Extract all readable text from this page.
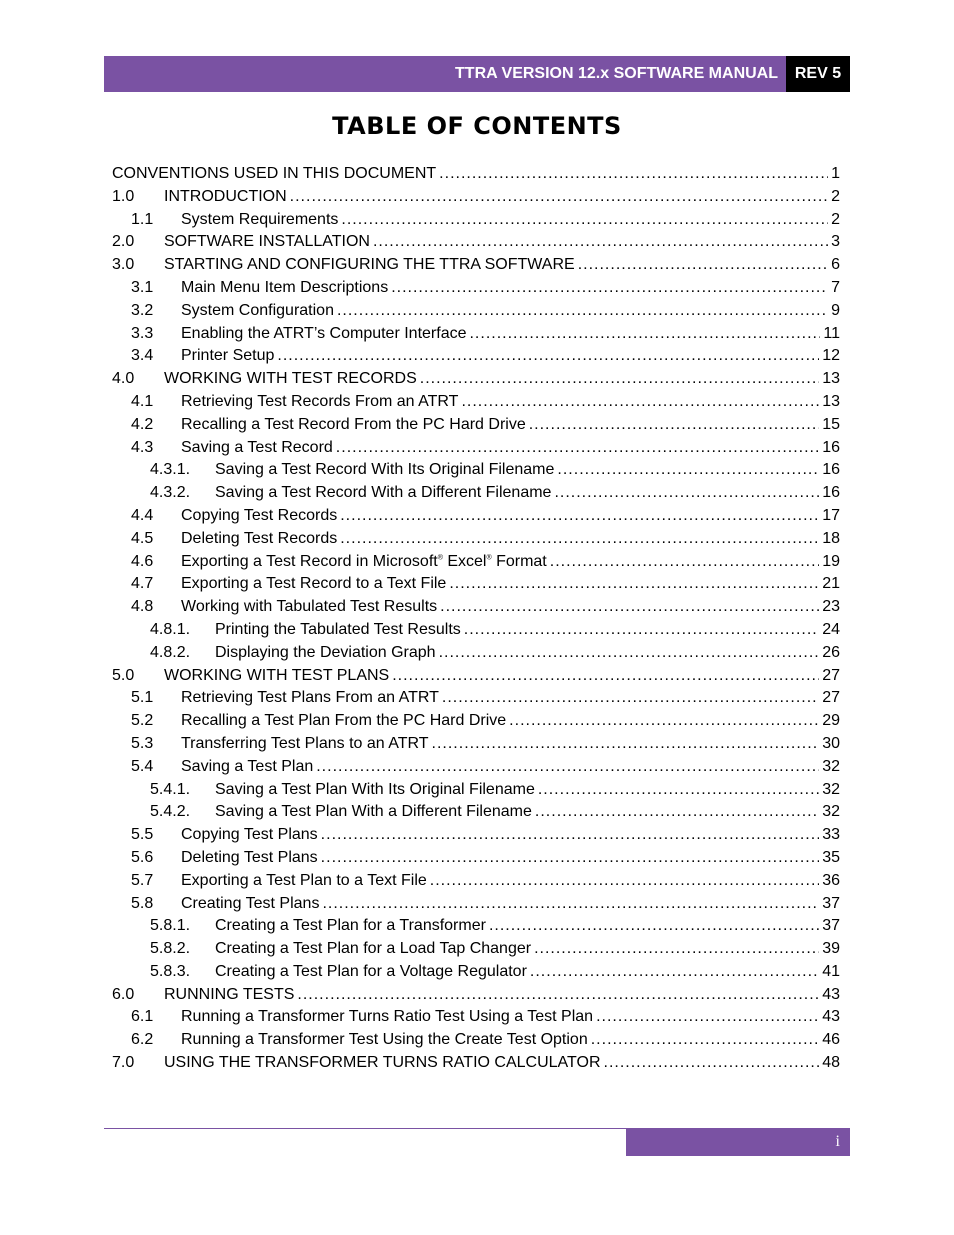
TTRA VERSION 12.x SOFTWARE MANUAL	REV 5
TABLE OF CONTENTS
CONVENTIONS USED IN THIS DOCUMENT .....	1
1.0	INTRODUCTION .....	2
1.1	System Requirements .....	2
2.0	SOFTWARE INSTALLATION .....	3
3.0	STARTING AND CONFIGURING THE TTRA SOFTWARE .....	6
3.1	Main Menu Item Descriptions .....	7
3.2	System Configuration .....	9
3.3	Enabling the ATRT’s Computer Interface .....	11
3.4	Printer Setup .....	12
4.0	WORKING WITH TEST RECORDS .....	13
4.1	Retrieving Test Records From an ATRT .....	13
4.2	Recalling a Test Record From the PC Hard Drive .....	15
4.3	Saving a Test Record .....	16
4.3.1.	Saving a Test Record With Its Original Filename .....	16
4.3.2.	Saving a Test Record With a Different Filename .....	16
4.4	Copying Test Records .....	17
4.5	Deleting Test Records .....	18
4.6	Exporting a Test Record in Microsoft® Excel® Format .....	19
4.7	Exporting a Test Record to a Text File .....	21
4.8	Working with Tabulated Test Results .....	23
4.8.1.	Printing the Tabulated Test Results .....	24
4.8.2.	Displaying the Deviation Graph .....	26
5.0	WORKING WITH TEST PLANS .....	27
5.1	Retrieving Test Plans From an ATRT .....	27
5.2	Recalling a Test Plan From the PC Hard Drive .....	29
5.3	Transferring Test Plans to an ATRT .....	30
5.4	Saving a Test Plan .....	32
5.4.1.	Saving a Test Plan With Its Original Filename .....	32
5.4.2.	Saving a Test Plan With a Different Filename .....	32
5.5	Copying Test Plans .....	33
5.6	Deleting Test Plans .....	35
5.7	Exporting a Test Plan to a Text File .....	36
5.8	Creating Test Plans .....	37
5.8.1.	Creating a Test Plan for a Transformer .....	37
5.8.2.	Creating a Test Plan for a Load Tap Changer .....	39
5.8.3.	Creating a Test Plan for a Voltage Regulator .....	41
6.0	RUNNING TESTS .....	43
6.1	Running a Transformer Turns Ratio Test Using a Test Plan .....	43
6.2	Running a Transformer Test Using the Create Test Option .....	46
7.0	USING THE TRANSFORMER TURNS RATIO CALCULATOR .....	48
i
